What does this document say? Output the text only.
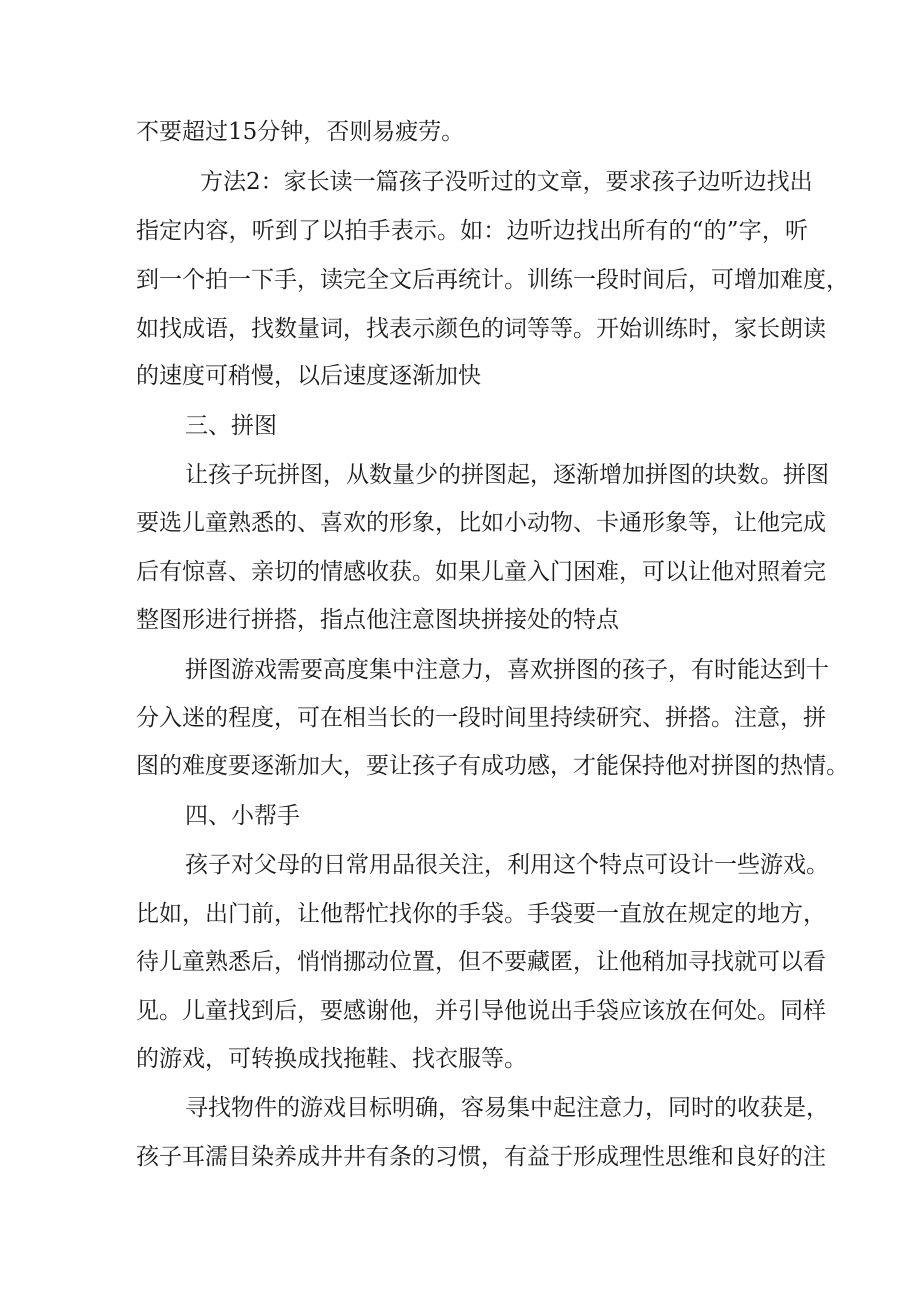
不要超过15分钟，否则易疲劳。
方法2：家长读一篇孩子没听过的文章，要求孩子边听边找出
指定内容，听到了以拍手表示。如：边听边找出所有的“的”字，听
到一个拍一下手，读完全文后再统计。训练一段时间后，可增加难度，
如找成语，找数量词，找表示颜色的词等等。开始训练时，家长朗读
的速度可稍慢，以后速度逐渐加快
三、拼图
让孩子玩拼图，从数量少的拼图起，逐渐增加拼图的块数。拼图
要选儿童熟悉的、喜欢的形象，比如小动物、卡通形象等，让他完成
后有惊喜、亲切的情感收获。如果儿童入门困难，可以让他对照着完
整图形进行拼搭，指点他注意图块拼接处的特点
拼图游戏需要高度集中注意力，喜欢拼图的孩子，有时能达到十
分入迷的程度，可在相当长的一段时间里持续研究、拼搭。注意，拼
图的难度要逐渐加大，要让孩子有成功感，才能保持他对拼图的热情。
四、小帮手
孩子对父母的日常用品很关注，利用这个特点可设计一些游戏。
比如，出门前，让他帮忙找你的手袋。手袋要一直放在规定的地方，
待儿童熟悉后，悄悄挪动位置，但不要藏匿，让他稍加寻找就可以看
见。儿童找到后，要感谢他，并引导他说出手袋应该放在何处。同样
的游戏，可转换成找拖鞋、找衣服等。
寻找物件的游戏目标明确，容易集中起注意力，同时的收获是，
孩子耳濡目染养成井井有条的习惯，有益于形成理性思维和良好的注
